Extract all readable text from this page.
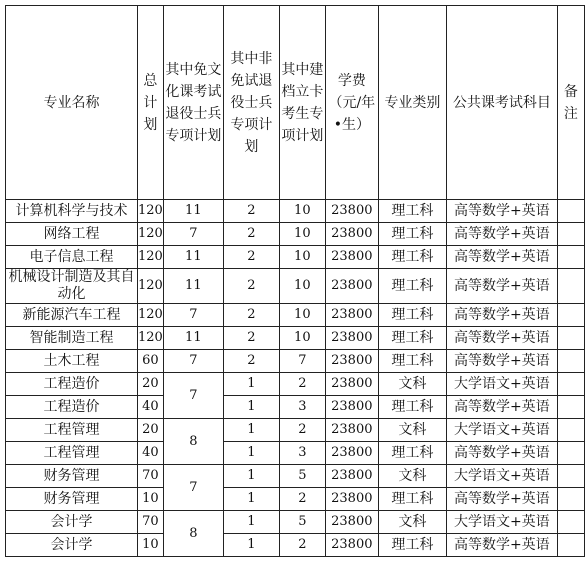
专业名称	总计划	其中免文化课考试退役士兵专项计划	其中非免试退役士兵专项计划	其中建档立卡考生专项计划	学费（元/年•生）	专业类别	公共课考试科目	备注
计算机科学与技术	120	11	2	10	23800	理工科	高等数学+英语	
网络工程	120	7	2	10	23800	理工科	高等数学+英语	
电子信息工程	120	11	2	10	23800	理工科	高等数学+英语	
机械设计制造及其自动化	120	11	2	10	23800	理工科	高等数学+英语	
新能源汽车工程	120	7	2	10	23800	理工科	高等数学+英语	
智能制造工程	120	11	2	10	23800	理工科	高等数学+英语	
土木工程	60	7	2	7	23800	理工科	高等数学+英语	
工程造价	20	7	1	2	23800	文科	大学语文+英语	
工程造价	40		1	3	23800	理工科	高等数学+英语	
工程管理	20	8	1	2	23800	文科	大学语文+英语	
工程管理	40		1	3	23800	理工科	高等数学+英语	
财务管理	70	7	1	5	23800	文科	大学语文+英语	
财务管理	10		1	2	23800	理工科	高等数学+英语	
会计学	70	8	1	5	23800	文科	大学语文+英语	
会计学	10		1	2	23800	理工科	高等数学+英语	
